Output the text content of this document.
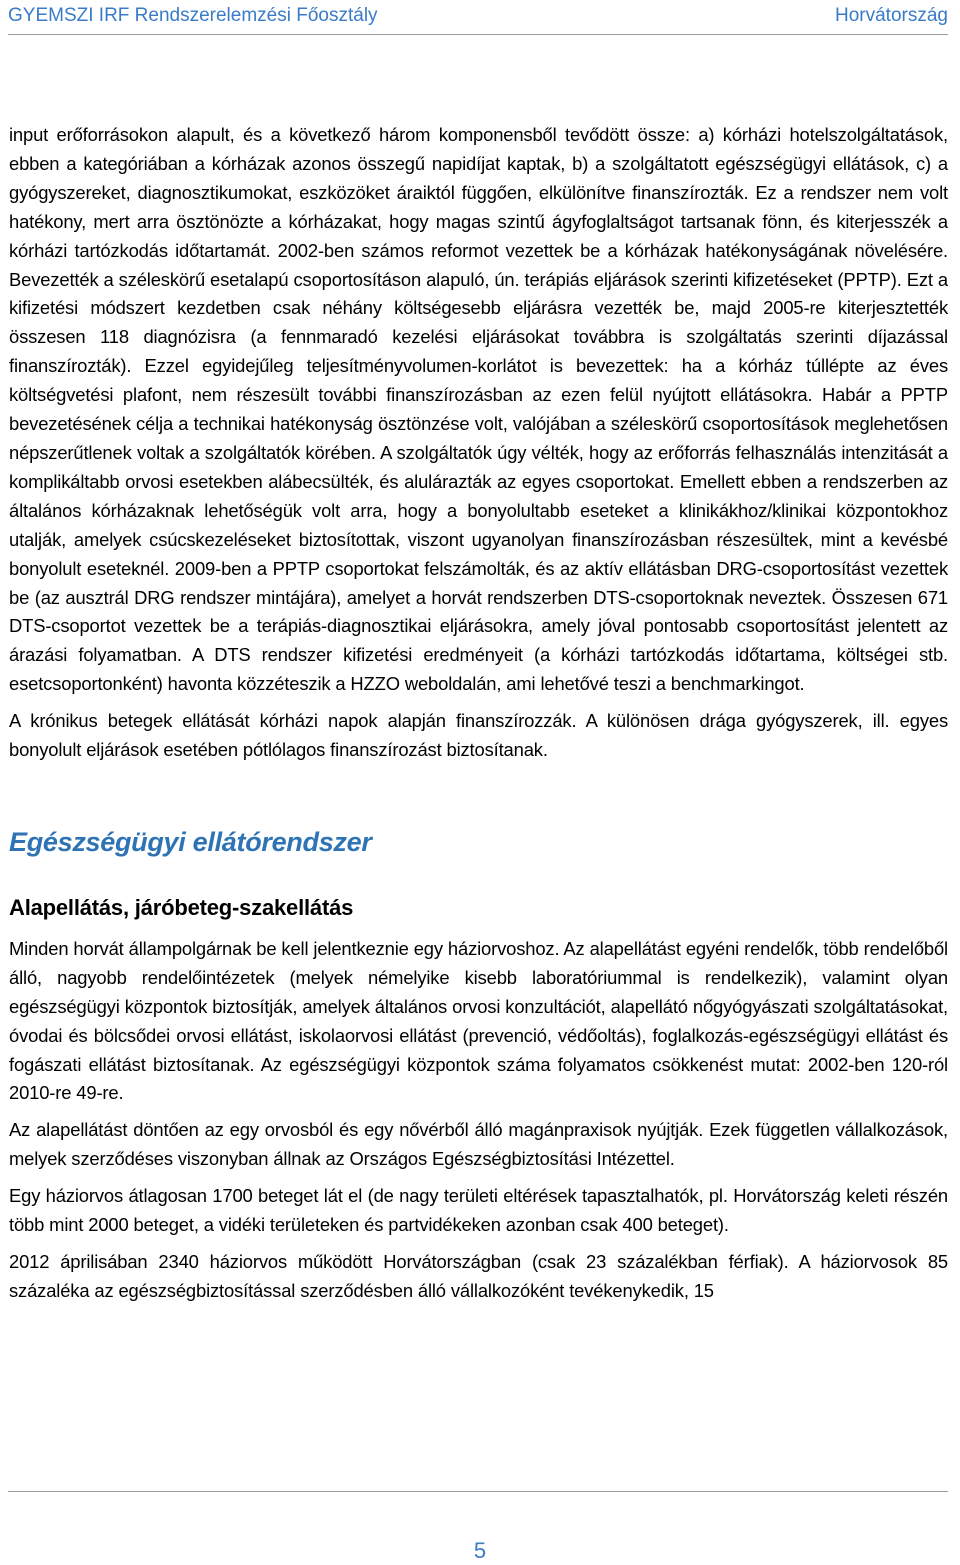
GYEMSZI IRF Rendszerelemzési Főosztály	Horvátország

input erőforrásokon alapult, és a következő három komponensből tevődött össze: a) kórházi hotelszolgáltatások, ebben a kategóriában a kórházak azonos összegű napidíjat kaptak, b) a szolgáltatott egészségügyi ellátások, c) a gyógyszereket, diagnosztikumokat, eszközöket áraiktól függően, elkülönítve finanszírozták. Ez a rendszer nem volt hatékony, mert arra ösztönözte a kórházakat, hogy magas szintű ágyfoglaltságot tartsanak fönn, és kiterjesszék a kórházi tartózkodás időtartamát. 2002-ben számos reformot vezettek be a kórházak hatékonyságának növelésére. Bevezették a széleskörű esetalapú csoportosításon alapuló, ún. terápiás eljárások szerinti kifizetéseket (PPTP). Ezt a kifizetési módszert kezdetben csak néhány költségesebb eljárásra vezették be, majd 2005-re kiterjesztették összesen 118 diagnózisra (a fennmaradó kezelési eljárásokat továbbra is szolgáltatás szerinti díjazással finanszírozták). Ezzel egyidejűleg teljesítményvolumen-korlátot is bevezettek: ha a kórház túllépte az éves költségvetési plafont, nem részesült további finanszírozásban az ezen felül nyújtott ellátásokra. Habár a PPTP bevezetésének célja a technikai hatékonyság ösztönzése volt, valójában a széleskörű csoportosítások meglehetősen népszerűtlenek voltak a szolgáltatók körében. A szolgáltatók úgy vélték, hogy az erőforrás felhasználás intenzitását a komplikáltabb orvosi esetekben alábecsülték, és alulárazták az egyes csoportokat. Emellett ebben a rendszerben az általános kórházaknak lehetőségük volt arra, hogy a bonyolultabb eseteket a klinikákhoz/klinikai központokhoz utalják, amelyek csúcskezeléseket biztosítottak, viszont ugyanolyan finanszírozásban részesültek, mint a kevésbé bonyolult eseteknél. 2009-ben a PPTP csoportokat felszámolták, és az aktív ellátásban DRG-csoportosítást vezettek be (az ausztrál DRG rendszer mintájára), amelyet a horvát rendszerben DTS-csoportoknak neveztek. Összesen 671 DTS-csoportot vezettek be a terápiás-diagnosztikai eljárásokra, amely jóval pontosabb csoportosítást jelentett az árazási folyamatban. A DTS rendszer kifizetési eredményeit (a kórházi tartózkodás időtartama, költségei stb. esetcsoportonként) havonta közzéteszik a HZZO weboldalán, ami lehetővé teszi a benchmarkingot.

A krónikus betegek ellátását kórházi napok alapján finanszírozzák. A különösen drága gyógyszerek, ill. egyes bonyolult eljárások esetében pótlólagos finanszírozást biztosítanak.

Egészségügyi ellátórendszer
Alapellátás, járóbeteg-szakellátás

Minden horvát állampolgárnak be kell jelentkeznie egy háziorvoshoz. Az alapellátást egyéni rendelők, több rendelőből álló, nagyobb rendelőintézetek (melyek némelyike kisebb laboratóriummal is rendelkezik), valamint olyan egészségügyi központok biztosítják, amelyek általános orvosi konzultációt, alapellátó nőgyógyászati szolgáltatásokat, óvodai és bölcsődei orvosi ellátást, iskolaorvosi ellátást (prevenció, védőoltás), foglalkozás-egészségügyi ellátást és fogászati ellátást biztosítanak. Az egészségügyi központok száma folyamatos csökkenést mutat: 2002-ben 120-ról 2010-re 49-re.

Az alapellátást döntően az egy orvosból és egy nővérből álló magánpraxisok nyújtják. Ezek független vállalkozások, melyek szerződéses viszonyban állnak az Országos Egészségbiztosítási Intézettel.

Egy háziorvos átlagosan 1700 beteget lát el (de nagy területi eltérések tapasztalhatók, pl. Horvátország keleti részén több mint 2000 beteget, a vidéki területeken és partvidékeken azonban csak 400 beteget).

2012 áprilisában 2340 háziorvos működött Horvátországban (csak 23 százalékban férfiak). A háziorvosok 85 százaléka az egészségbiztosítással szerződésben álló vállalkozóként tevékenykedik, 15

5
